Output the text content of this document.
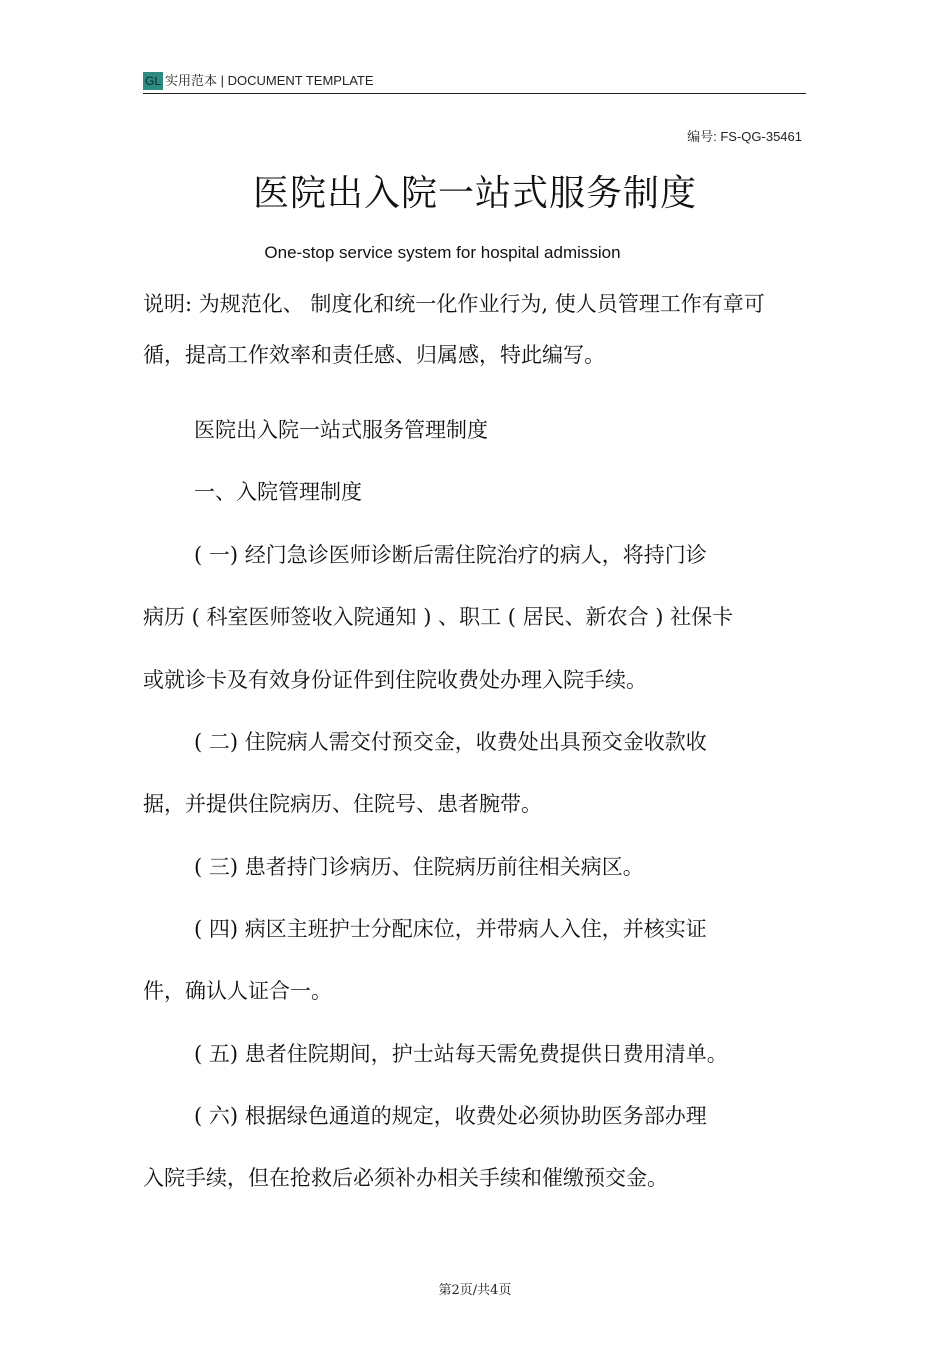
GL 实用范本 | DOCUMENT TEMPLATE
编号: FS-QG-35461
医院出入院一站式服务制度
One-stop service system for hospital admission
说明: 为规范化、 制度化和统一化作业行为, 使人员管理工作有章可
循，提高工作效率和责任感、归属感，特此编写。
医院出入院一站式服务管理制度
一、入院管理制度
( 一) 经门急诊医师诊断后需住院治疗的病人，将持门诊
病历 ( 科室医师签收入院通知 ) 、职工 ( 居民、新农合 ) 社保卡
或就诊卡及有效身份证件到住院收费处办理入院手续。
( 二) 住院病人需交付预交金，收费处出具预交金收款收
据，并提供住院病历、住院号、患者腕带。
( 三) 患者持门诊病历、住院病历前往相关病区。
( 四) 病区主班护士分配床位，并带病人入住，并核实证
件，确认人证合一。
( 五) 患者住院期间，护士站每天需免费提供日费用清单。
( 六) 根据绿色通道的规定，收费处必须协助医务部办理
入院手续，但在抢救后必须补办相关手续和催缴预交金。
第2页/共4页
